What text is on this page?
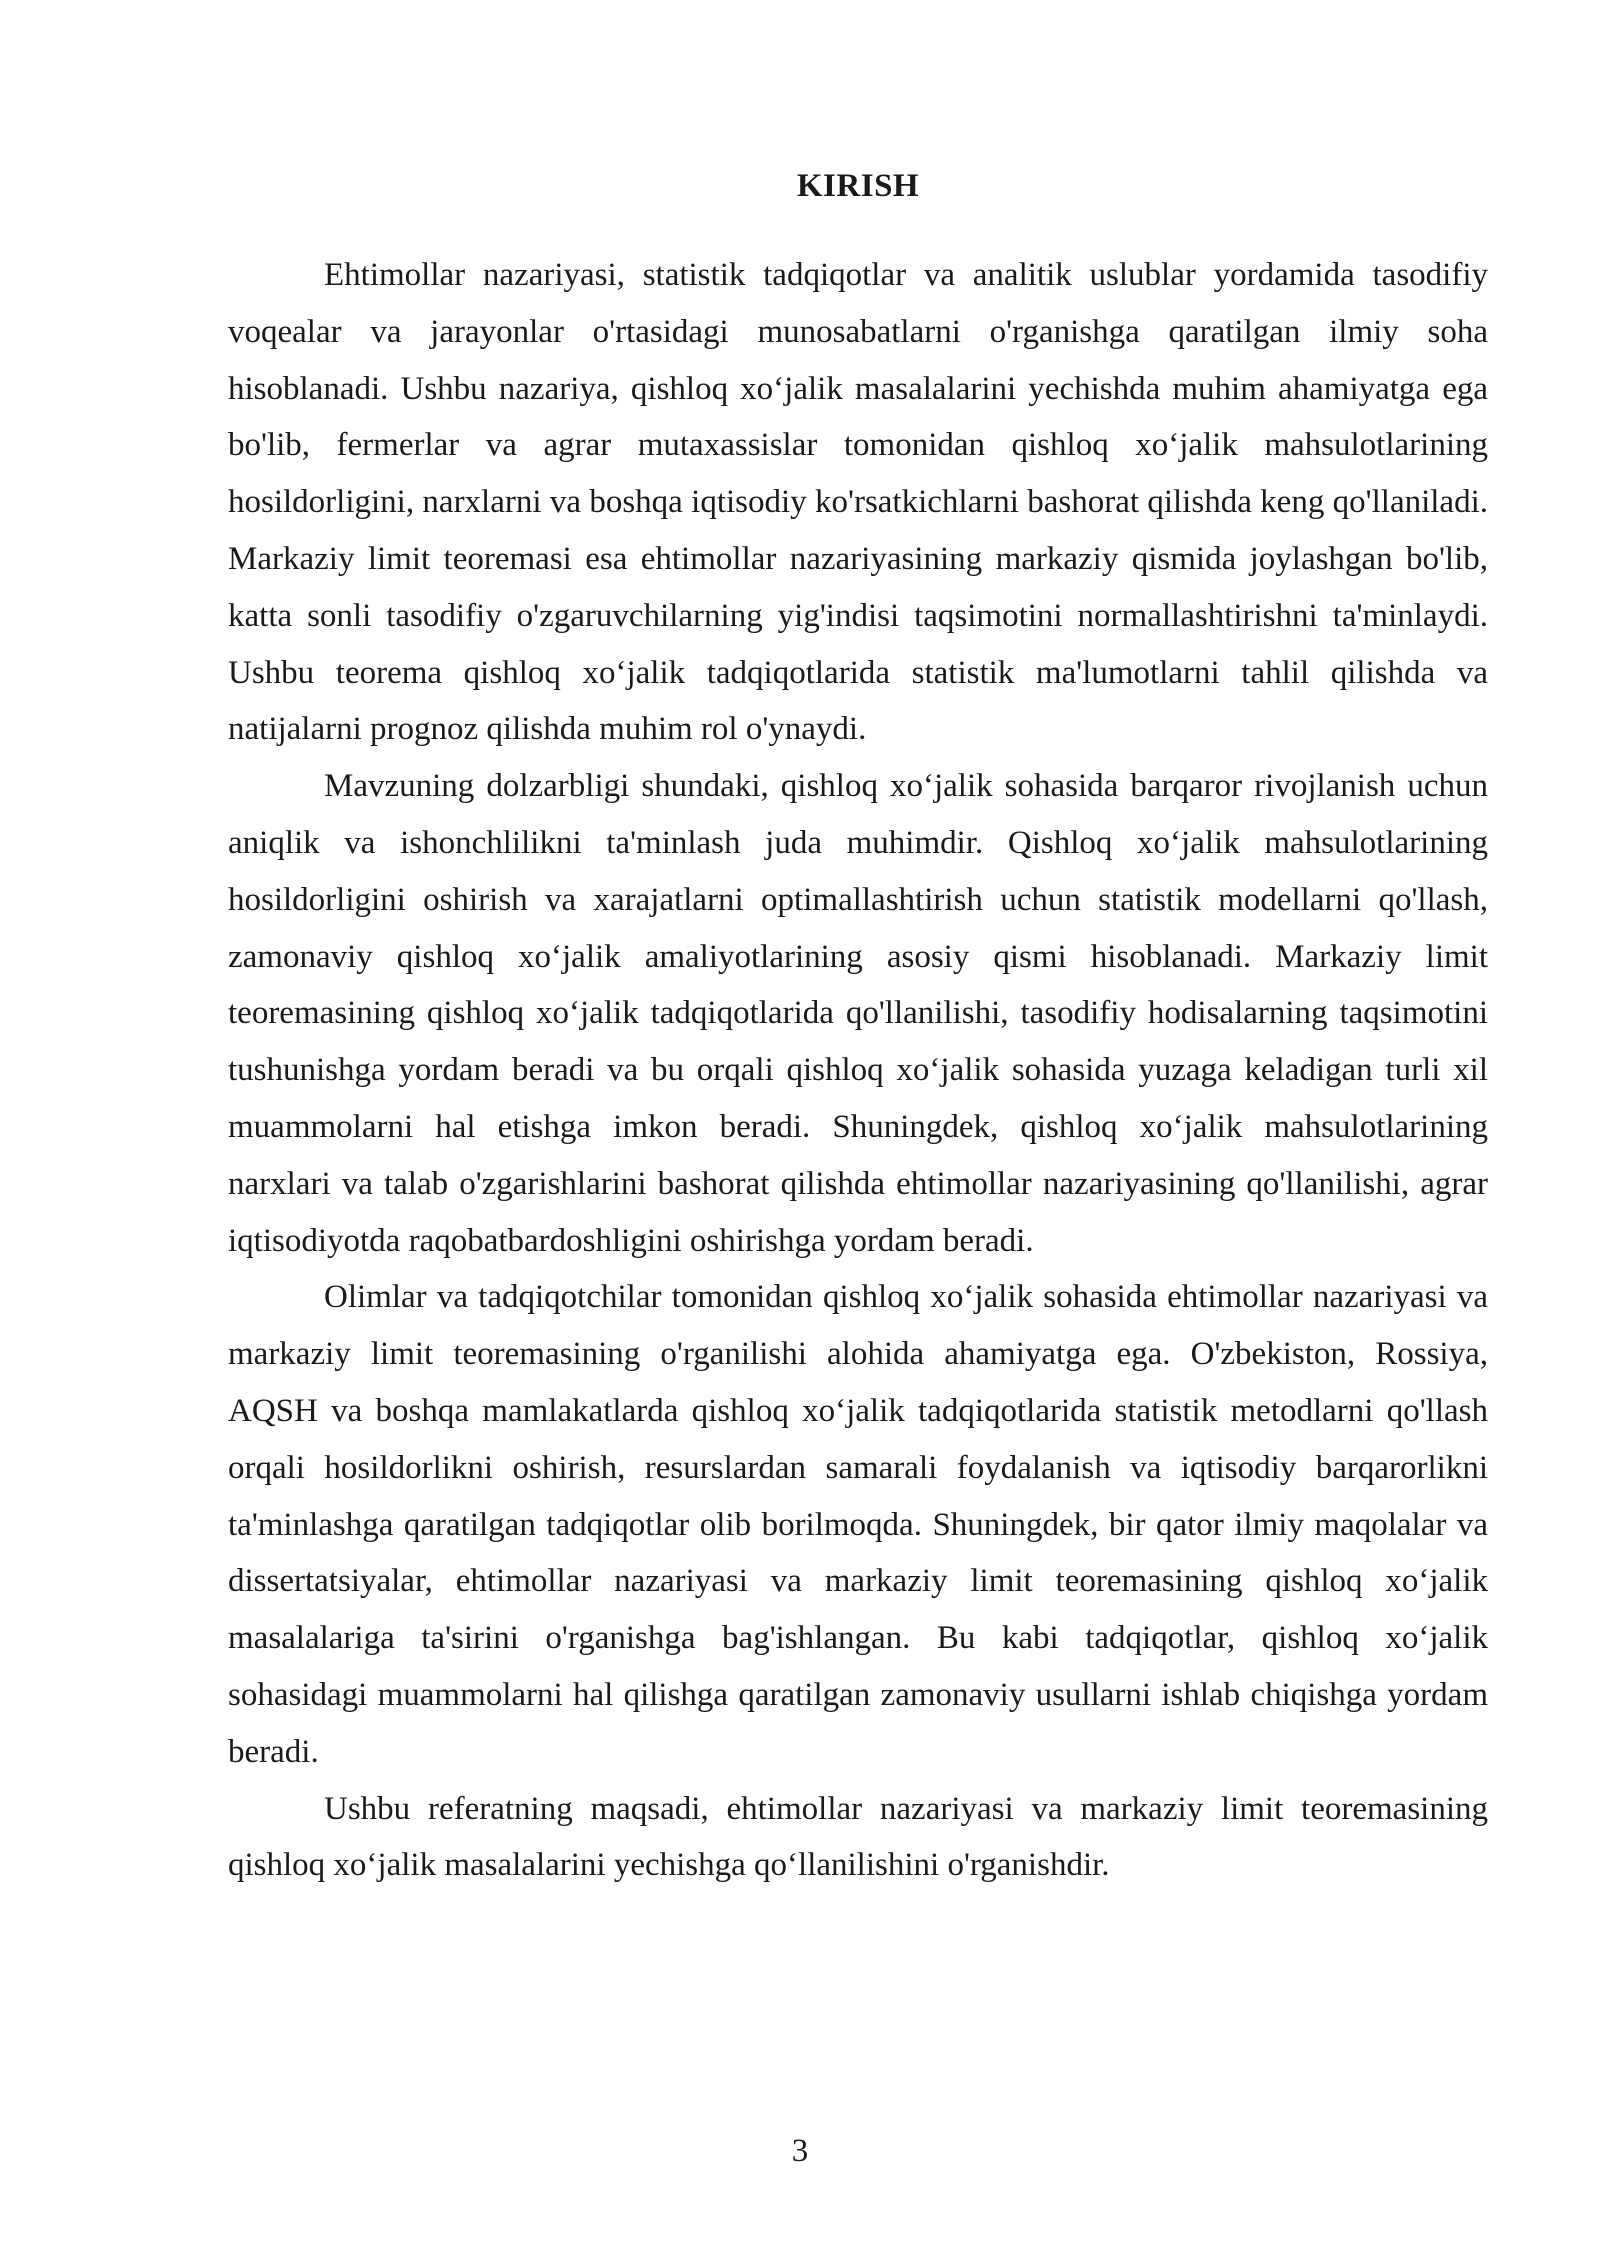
KIRISH

Ehtimollar nazariyasi, statistik tadqiqotlar va analitik uslublar yordamida tasodifiy voqealar va jarayonlar o'rtasidagi munosabatlarni o'rganishga qaratilgan ilmiy soha hisoblanadi. Ushbu nazariya, qishloq xo‘jalik masalalarini yechishda muhim ahamiyatga ega bo'lib, fermerlar va agrar mutaxassislar tomonidan qishloq xo‘jalik mahsulotlarining hosildorligini, narxlarni va boshqa iqtisodiy ko'rsatkichlarni bashorat qilishda keng qo'llaniladi. Markaziy limit teoremasi esa ehtimollar nazariyasining markaziy qismida joylashgan bo'lib, katta sonli tasodifiy o'zgaruvchilarning yig'indisi taqsimotini normallashtirishni ta'minlaydi. Ushbu teorema qishloq xo‘jalik tadqiqotlarida statistik ma'lumotlarni tahlil qilishda va natijalarni prognoz qilishda muhim rol o'ynaydi.

Mavzuning dolzarbligi shundaki, qishloq xo‘jalik sohasida barqaror rivojlanish uchun aniqlik va ishonchlilikni ta'minlash juda muhimdir. Qishloq xo‘jalik mahsulotlarining hosildorligini oshirish va xarajatlarni optimallashtirish uchun statistik modellarni qo'llash, zamonaviy qishloq xo‘jalik amaliyotlarining asosiy qismi hisoblanadi. Markaziy limit teoremasining qishloq xo‘jalik tadqiqotlarida qo'llanilishi, tasodifiy hodisalarning taqsimotini tushunishga yordam beradi va bu orqali qishloq xo‘jalik sohasida yuzaga keladigan turli xil muammolarni hal etishga imkon beradi. Shuningdek, qishloq xo‘jalik mahsulotlarining narxlari va talab o'zgarishlarini bashorat qilishda ehtimollar nazariyasining qo'llanilishi, agrar iqtisodiyotda raqobatbardoshligini oshirishga yordam beradi.

Olimlar va tadqiqotchilar tomonidan qishloq xo‘jalik sohasida ehtimollar nazariyasi va markaziy limit teoremasining o'rganilishi alohida ahamiyatga ega. O'zbekiston, Rossiya, AQSH va boshqa mamlakatlarda qishloq xo‘jalik tadqiqotlarida statistik metodlarni qo'llash orqali hosildorlikni oshirish, resurslardan samarali foydalanish va iqtisodiy barqarorlikni ta'minlashga qaratilgan tadqiqotlar olib borilmoqda. Shuningdek, bir qator ilmiy maqolalar va dissertatsiyalar, ehtimollar nazariyasi va markaziy limit teoremasining qishloq xo‘jalik masalalariga ta'sirini o'rganishga bag'ishlangan. Bu kabi tadqiqotlar, qishloq xo‘jalik sohasidagi muammolarni hal qilishga qaratilgan zamonaviy usullarni ishlab chiqishga yordam beradi.

Ushbu referatning maqsadi, ehtimollar nazariyasi va markaziy limit teoremasining qishloq xo‘jalik masalalarini yechishga qo‘llanilishini o'rganishdir.

3
